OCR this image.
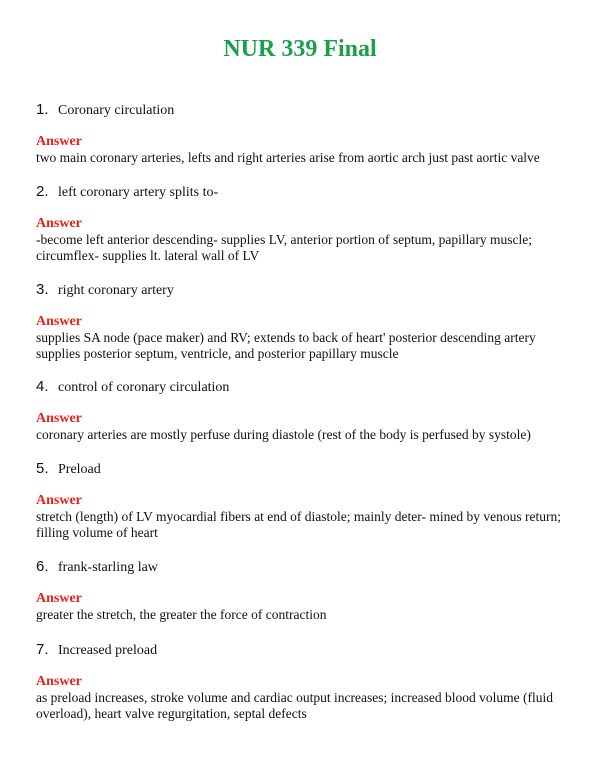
NUR 339 Final
1. Coronary circulation
Answer
two main coronary arteries, lefts and right arteries arise from aortic arch just past aortic valve
2. left coronary artery splits to-
Answer
-become left anterior descending- supplies LV, anterior portion of septum, papillary muscle; circumflex- supplies lt. lateral wall of LV
3. right coronary artery
Answer
supplies SA node (pace maker) and RV; extends to back of heart' posterior descending artery supplies posterior septum, ventricle, and posterior papillary muscle
4. control of coronary circulation
Answer
coronary arteries are mostly perfuse during diastole (rest of the body is perfused by systole)
5. Preload
Answer
stretch (length) of LV myocardial fibers at end of diastole; mainly deter- mined by venous return; filling volume of heart
6. frank-starling law
Answer
greater the stretch, the greater the force of contraction
7. Increased preload
Answer
as preload increases, stroke volume and cardiac output increases; increased blood volume (fluid overload), heart valve regurgitation, septal defects
